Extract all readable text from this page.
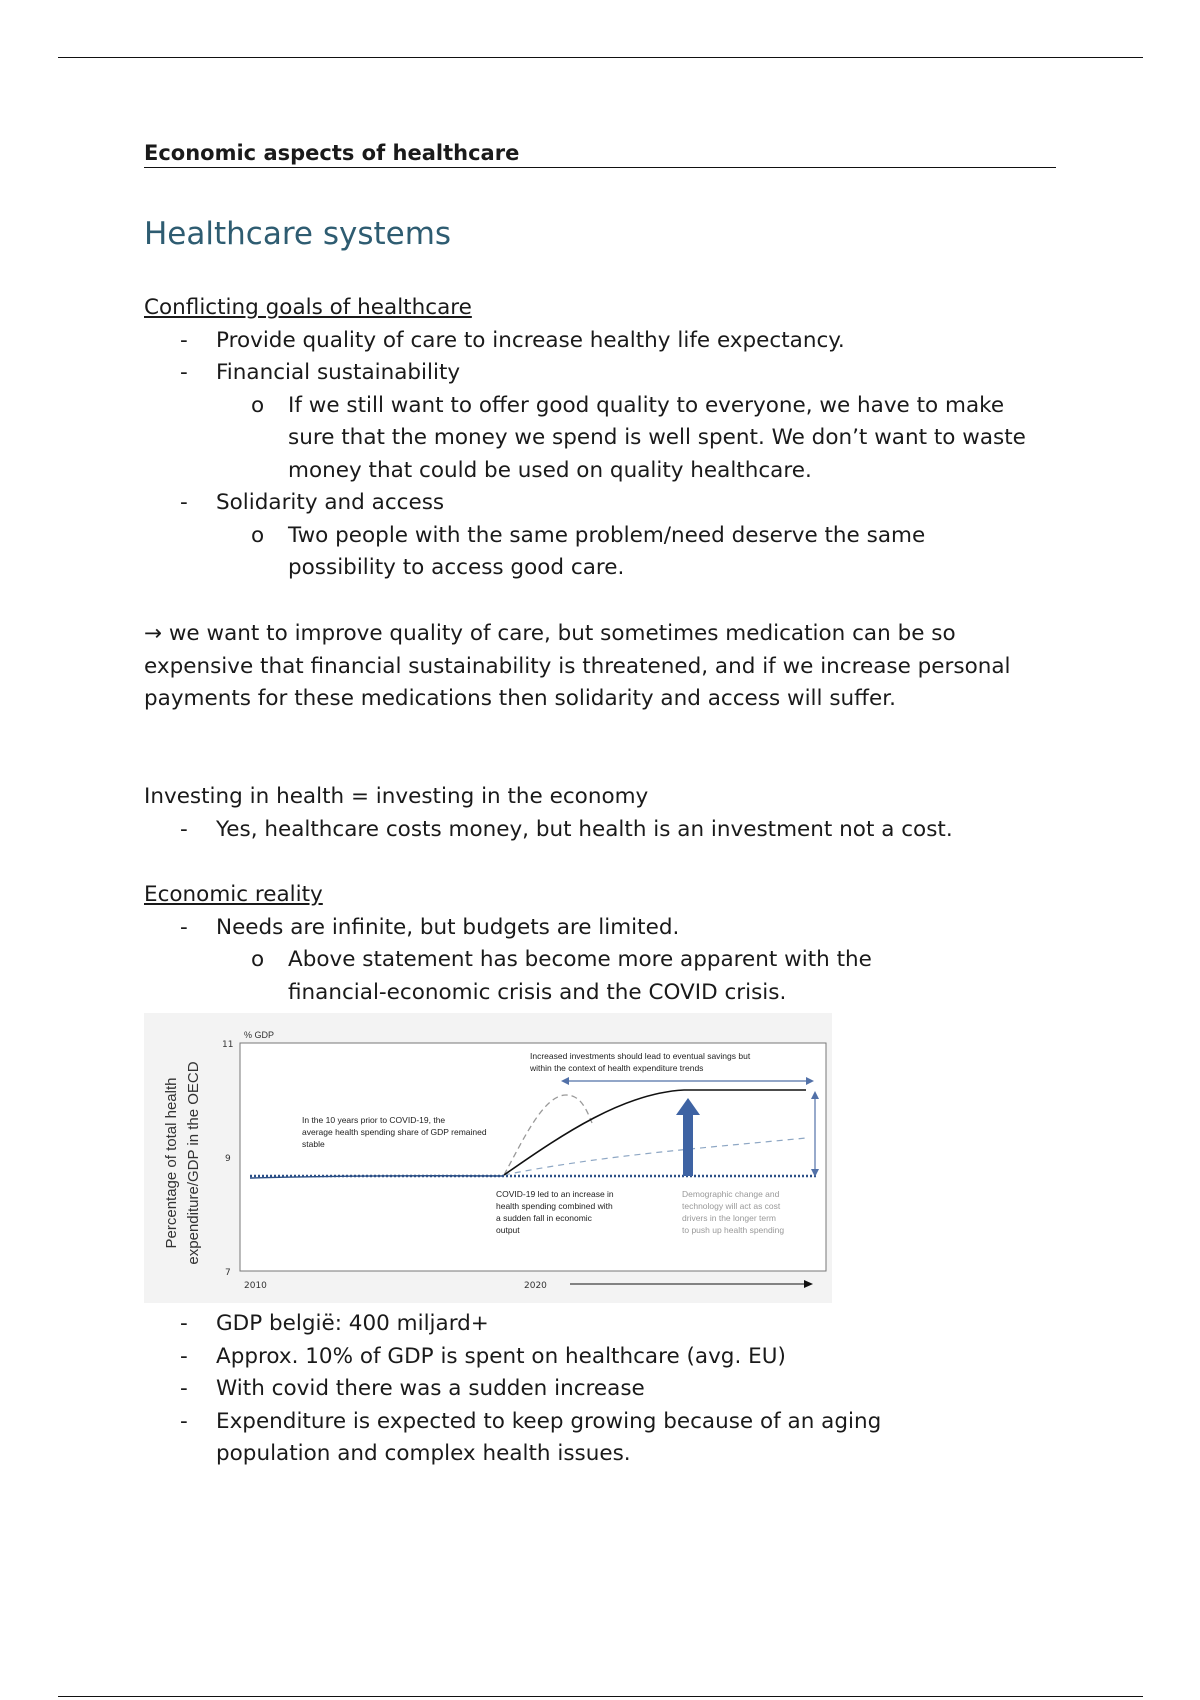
Economic aspects of healthcare
Healthcare systems
Conflicting goals of healthcare
- Provide quality of care to increase healthy life expectancy.
- Financial sustainability
o If we still want to offer good quality to everyone, we have to make sure that the money we spend is well spent. We don’t want to waste money that could be used on quality healthcare.
- Solidarity and access
o Two people with the same problem/need deserve the same possibility to access good care.

→ we want to improve quality of care, but sometimes medication can be so expensive that financial sustainability is threatened, and if we increase personal payments for these medications then solidarity and access will suffer.

Investing in health = investing in the economy
- Yes, healthcare costs money, but health is an investment not a cost.
Economic reality
- Needs are infinite, but budgets are limited.
o Above statement has become more apparent with the financial-economic crisis and the COVID crisis.
Percentage of total health expenditure/GDP in the OECD
% GDP
11
9
7
2010	2020
In the 10 years prior to COVID-19, the average health spending share of GDP remained stable
Increased investments should lead to eventual savings but within the context of health expenditure trends
COVID-19 led to an increase in health spending combined with a sudden fall in economic output
Demographic change and technology will act as cost drivers in the longer term to push up health spending
- GDP belgië: 400 miljard+
- Approx. 10% of GDP is spent on healthcare (avg. EU)
- With covid there was a sudden increase
- Expenditure is expected to keep growing because of an aging population and complex health issues.
